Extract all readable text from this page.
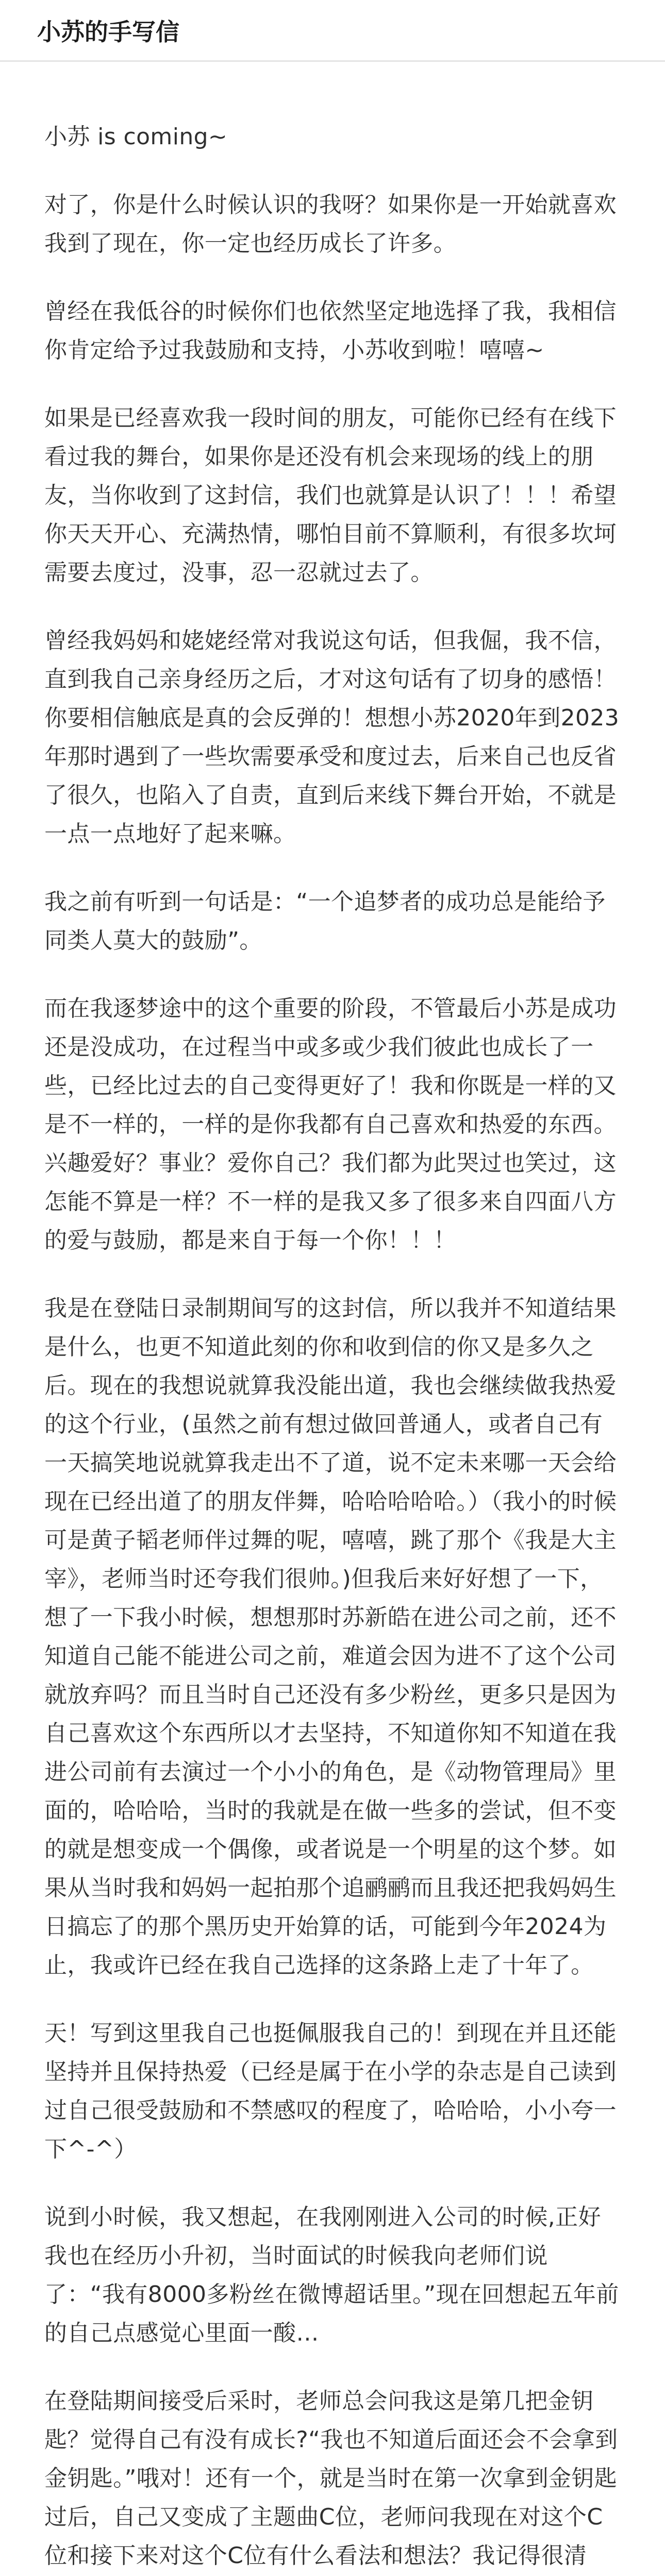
小苏的手写信

小苏 is coming~

对了，你是什么时候认识的我呀？如果你是一开始就喜欢我到了现在，你一定也经历成长了许多。

曾经在我低谷的时候你们也依然坚定地选择了我，我相信你肯定给予过我鼓励和支持，小苏收到啦！嘻嘻~

如果是已经喜欢我一段时间的朋友，可能你已经有在线下看过我的舞台，如果你是还没有机会来现场的线上的朋友，当你收到了这封信，我们也就算是认识了！！！希望你天天开心、充满热情，哪怕目前不算顺利，有很多坎坷需要去度过，没事，忍一忍就过去了。

曾经我妈妈和姥姥经常对我说这句话，但我倔，我不信，直到我自己亲身经历之后，才对这句话有了切身的感悟！你要相信触底是真的会反弹的！想想小苏2020年到2023年那时遇到了一些坎需要承受和度过去，后来自己也反省了很久，也陷入了自责，直到后来线下舞台开始，不就是一点一点地好了起来嘛。

我之前有听到一句话是：“一个追梦者的成功总是能给予同类人莫大的鼓励”。

而在我逐梦途中的这个重要的阶段，不管最后小苏是成功还是没成功，在过程当中或多或少我们彼此也成长了一些，已经比过去的自己变得更好了！我和你既是一样的又是不一样的，一样的是你我都有自己喜欢和热爱的东西。兴趣爱好？事业？爱你自己？我们都为此哭过也笑过，这怎能不算是一样？不一样的是我又多了很多来自四面八方的爱与鼓励，都是来自于每一个你！！！

我是在登陆日录制期间写的这封信，所以我并不知道结果是什么，也更不知道此刻的你和收到信的你又是多久之后。现在的我想说就算我没能出道，我也会继续做我热爱的这个行业，(虽然之前有想过做回普通人，或者自己有一天搞笑地说就算我走出不了道，说不定未来哪一天会给现在已经出道了的朋友伴舞，哈哈哈哈哈。）（我小的时候可是黄子韬老师伴过舞的呢，嘻嘻，跳了那个《我是大主宰》，老师当时还夸我们很帅。)但我后来好好想了一下，想了一下我小时候，想想那时苏新皓在进公司之前，还不知道自己能不能进公司之前，难道会因为进不了这个公司就放弃吗？而且当时自己还没有多少粉丝，更多只是因为自己喜欢这个东西所以才去坚持，不知道你知不知道在我进公司前有去演过一个小小的角色，是《动物管理局》里面的，哈哈哈，当时的我就是在做一些多的尝试，但不变的就是想变成一个偶像，或者说是一个明星的这个梦。如果从当时我和妈妈一起拍那个追鹂鹂而且我还把我妈妈生日搞忘了的那个黑历史开始算的话，可能到今年2024为止，我或许已经在我自己选择的这条路上走了十年了。

天！写到这里我自己也挺佩服我自己的！到现在并且还能坚持并且保持热爱（已经是属于在小学的杂志是自己读到过自己很受鼓励和不禁感叹的程度了，哈哈哈，小小夸一下^-^）

说到小时候，我又想起，在我刚刚进入公司的时候,正好我也在经历小升初，当时面试的时候我向老师们说了：“我有8000多粉丝在微博超话里。”现在回想起五年前的自己点感觉心里面一酸…

在登陆期间接受后采时，老师总会问我这是第几把金钥匙？觉得自己有没有成长?“我也不知道后面还会不会拿到金钥匙。”哦对！还有一个，就是当时在第一次拿到金钥匙过后，自己又变成了主题曲C位，老师问我现在对这个C位和接下来对这个C位有什么看法和想法？我记得很清
